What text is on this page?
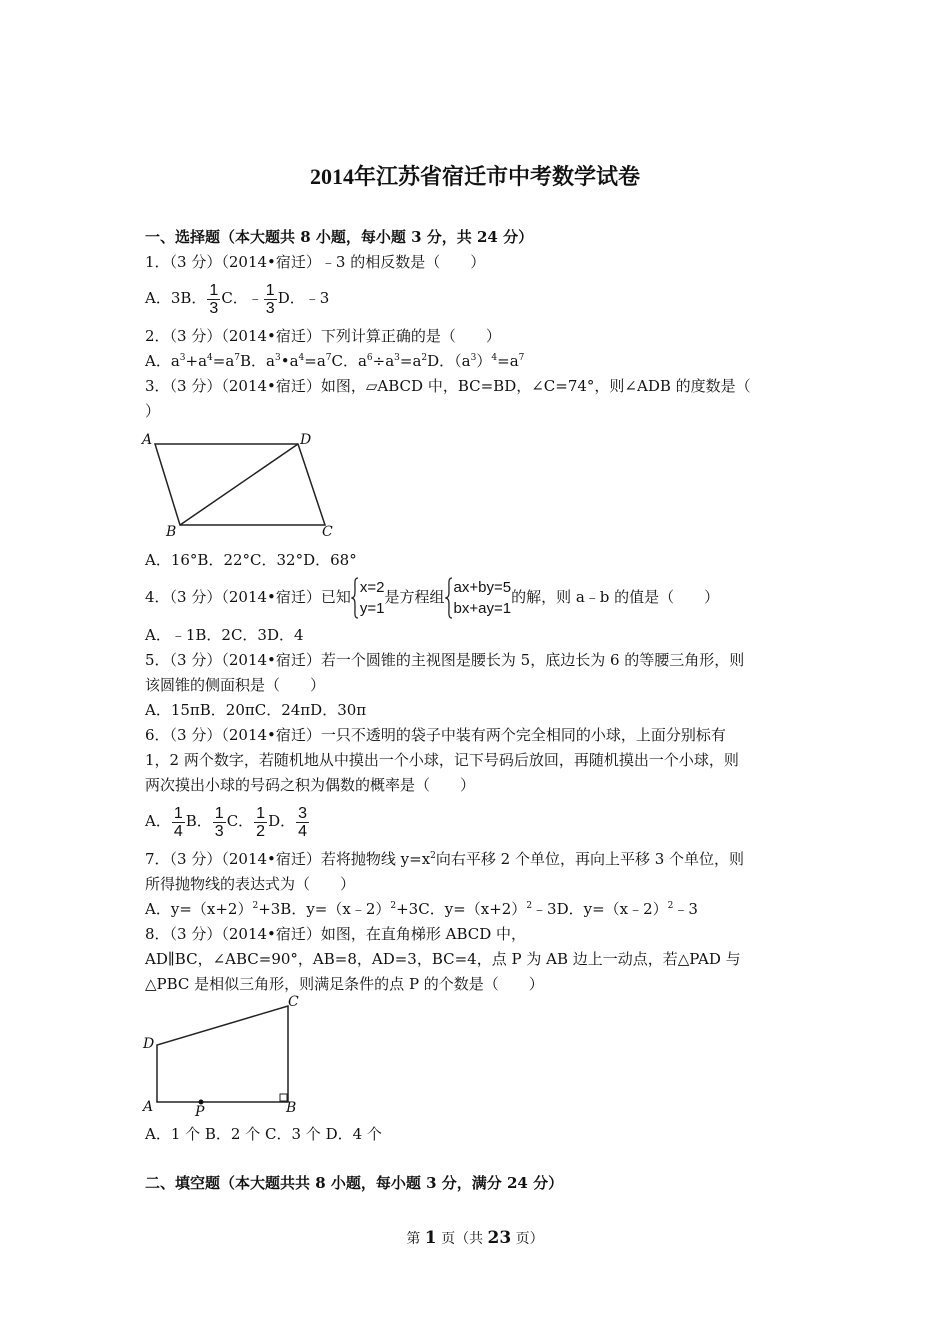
2014年江苏省宿迁市中考数学试卷
一、选择题（本大题共 8 小题，每小题 3 分，共 24 分）
1．（3 分）（2014•宿迁）﹣3 的相反数是（　　）
A．3B． $\frac{1}{3}$ C．﹣ $\frac{1}{3}$ D．﹣3
2．（3 分）（2014•宿迁）下列计算正确的是（　　）
A．$a^3+a^4=a^7B$．$a^3•a^4=a^7C$．$a^6\div a^3=a^2D$．$(a^3)^4=a^7$
3．（3 分）（2014•宿迁）如图，▱ABCD 中，BC=BD，∠C=74°，则∠ADB 的度数是（
）
A	D
B	C
A．16°B．22°C．32°D．68°
4．（3 分）（2014•宿迁）已知
x=2
y=1
是方程组
ax+by=5
bx+ay=1
的解，则 a﹣b 的值是（　　）
A．﹣1B．2C．3D．4
5．（3 分）（2014•宿迁）若一个圆锥的主视图是腰长为 5，底边长为 6 的等腰三角形，则
该圆锥的侧面积是（　　）
A．15πB．20πC．24πD．30π
6．（3 分）（2014•宿迁）一只不透明的袋子中装有两个完全相同的小球，上面分别标有
1，2 两个数字，若随机地从中摸出一个小球，记下号码后放回，再随机摸出一个小球，则
两次摸出小球的号码之积为偶数的概率是（　　）
A． $\frac{1}{4}$ B． $\frac{1}{3}$ C． $\frac{1}{2}$ D． $\frac{3}{4}$
7．（3 分）（2014•宿迁）若将抛物线 $y=x^2$向右平移 2 个单位，再向上平移 3 个单位，则
所得抛物线的表达式为（　　）
A．$y=(x+2)^2+3B$．y=（x﹣2）$^2$+3C．$y=(x+2)^2﹣3D$．y=（x﹣2）$^2$﹣3
8．（3 分）（2014•宿迁）如图，在直角梯形 ABCD 中，
AD∥BC，∠ABC=90°，AB=8，AD=3，BC=4，点 P 为 AB 边上一动点，若△PAD 与
△PBC 是相似三角形，则满足条件的点 P 的个数是（　　）
D
C
A	B
P
A．1 个 B．2 个 C．3 个 D．4 个
二、填空题（本大题共共 8 小题，每小题 3 分，满分 24 分）
第 1 页（共 23 页）
